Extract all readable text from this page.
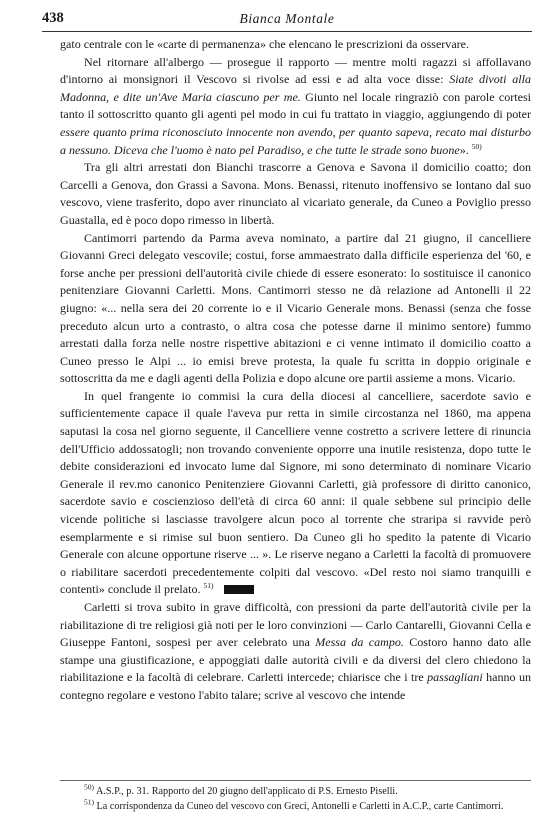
438	Bianca Montale

gato centrale con le «carte di permanenza» che elencano le prescrizioni da osservare.

Nel ritornare all'albergo — prosegue il rapporto — mentre molti ragazzi si affollavano d'intorno ai monsignori il Vescovo si rivolse ad essi e ad alta voce disse: Siate divoti alla Madonna, e dite un'Ave Maria ciascuno per me. Giunto nel locale ringraziò con parole cortesi tanto il sottoscritto quanto gli agenti pel modo in cui fu trattato in viaggio, aggiungendo di poter essere quanto prima riconosciuto innocente non avendo, per quanto sapeva, recato mai disturbo a nessuno. Diceva che l'uomo è nato pel Paradiso, e che tutte le strade sono buone». $^{50)}$

Tra gli altri arrestati don Bianchi trascorre a Genova e Savona il domicilio coatto; don Carcelli a Genova, don Grassi a Savona. Mons. Benassi, ritenuto inoffensivo se lontano dal suo vescovo, viene trasferito, dopo aver rinunciato al vicariato generale, da Cuneo a Poviglio presso Guastalla, ed è poco dopo rimesso in libertà.

Cantimorri partendo da Parma aveva nominato, a partire dal 21 giugno, il cancelliere Giovanni Greci delegato vescovile; costui, forse ammaestrato dalla difficile esperienza del '60, e forse anche per pressioni dell'autorità civile chiede di essere esonerato: lo sostituisce il canonico penitenziare Giovanni Carletti. Mons. Cantimorri stesso ne dà relazione ad Antonelli il 22 giugno: «... nella sera dei 20 corrente io e il Vicario Generale mons. Benassi (senza che fosse preceduto alcun urto a contrasto, o altra cosa che potesse darne il minimo sentore) fummo arrestati dalla forza nelle nostre rispettive abitazioni e ci venne intimato il domicilio coatto a Cuneo presso le Alpi ... io emisi breve protesta, la quale fu scritta in doppio originale e sottoscritta da me e dagli agenti della Polizia e dopo alcune ore partii assieme a mons. Vicario.

In quel frangente io commisi la cura della diocesi al cancelliere, sacerdote savio e sufficientemente capace il quale l'aveva pur retta in simile circostanza nel 1860, ma appena saputasi la cosa nel giorno seguente, il Cancelliere venne costretto a scrivere lettere di rinuncia dell'Ufficio addossatogli; non trovando conveniente opporre una inutile resistenza, dopo tutte le debite considerazioni ed invocato lume dal Signore, mi sono determinato di nominare Vicario Generale il rev.mo canonico Penitenziere Giovanni Carletti, già professore di diritto canonico, sacerdote savio e coscienzioso dell'età di circa 60 anni: il quale sebbene sul principio delle vicende politiche si lasciasse travolgere alcun poco al torrente che straripa si ravvide però esemplarmente e si rimise sul buon sentiero. Da Cuneo gli ho spedito la patente di Vicario Generale con alcune opportune riserve ... ». Le riserve negano a Carletti la facoltà di promuovere o riabilitare sacerdoti precedentemente colpiti dal vescovo. «Del resto noi siamo tranquilli e contenti» conclude il prelato. $^{51)}$

Carletti si trova subito in grave difficoltà, con pressioni da parte dell'autorità civile per la riabilitazione di tre religiosi già noti per le loro convinzioni — Carlo Cantarelli, Giovanni Cella e Giuseppe Fantoni, sospesi per aver celebrato una Messa da campo. Costoro hanno dato alle stampe una giustificazione, e appoggiati dalle autorità civili e da diversi del clero chiedono la riabilitazione e la facoltà di celebrare. Carletti intercede; chiarisce che i tre passagliani hanno un contegno regolare e vestono l'abito talare; scrive al vescovo che intende

$^{50)}$ A.S.P., p. 31. Rapporto del 20 giugno dell'applicato di P.S. Ernesto Piselli.

$^{51)}$ La corrispondenza da Cuneo del vescovo con Greci, Antonelli e Carletti in A.C.P., carte Cantimorri.
